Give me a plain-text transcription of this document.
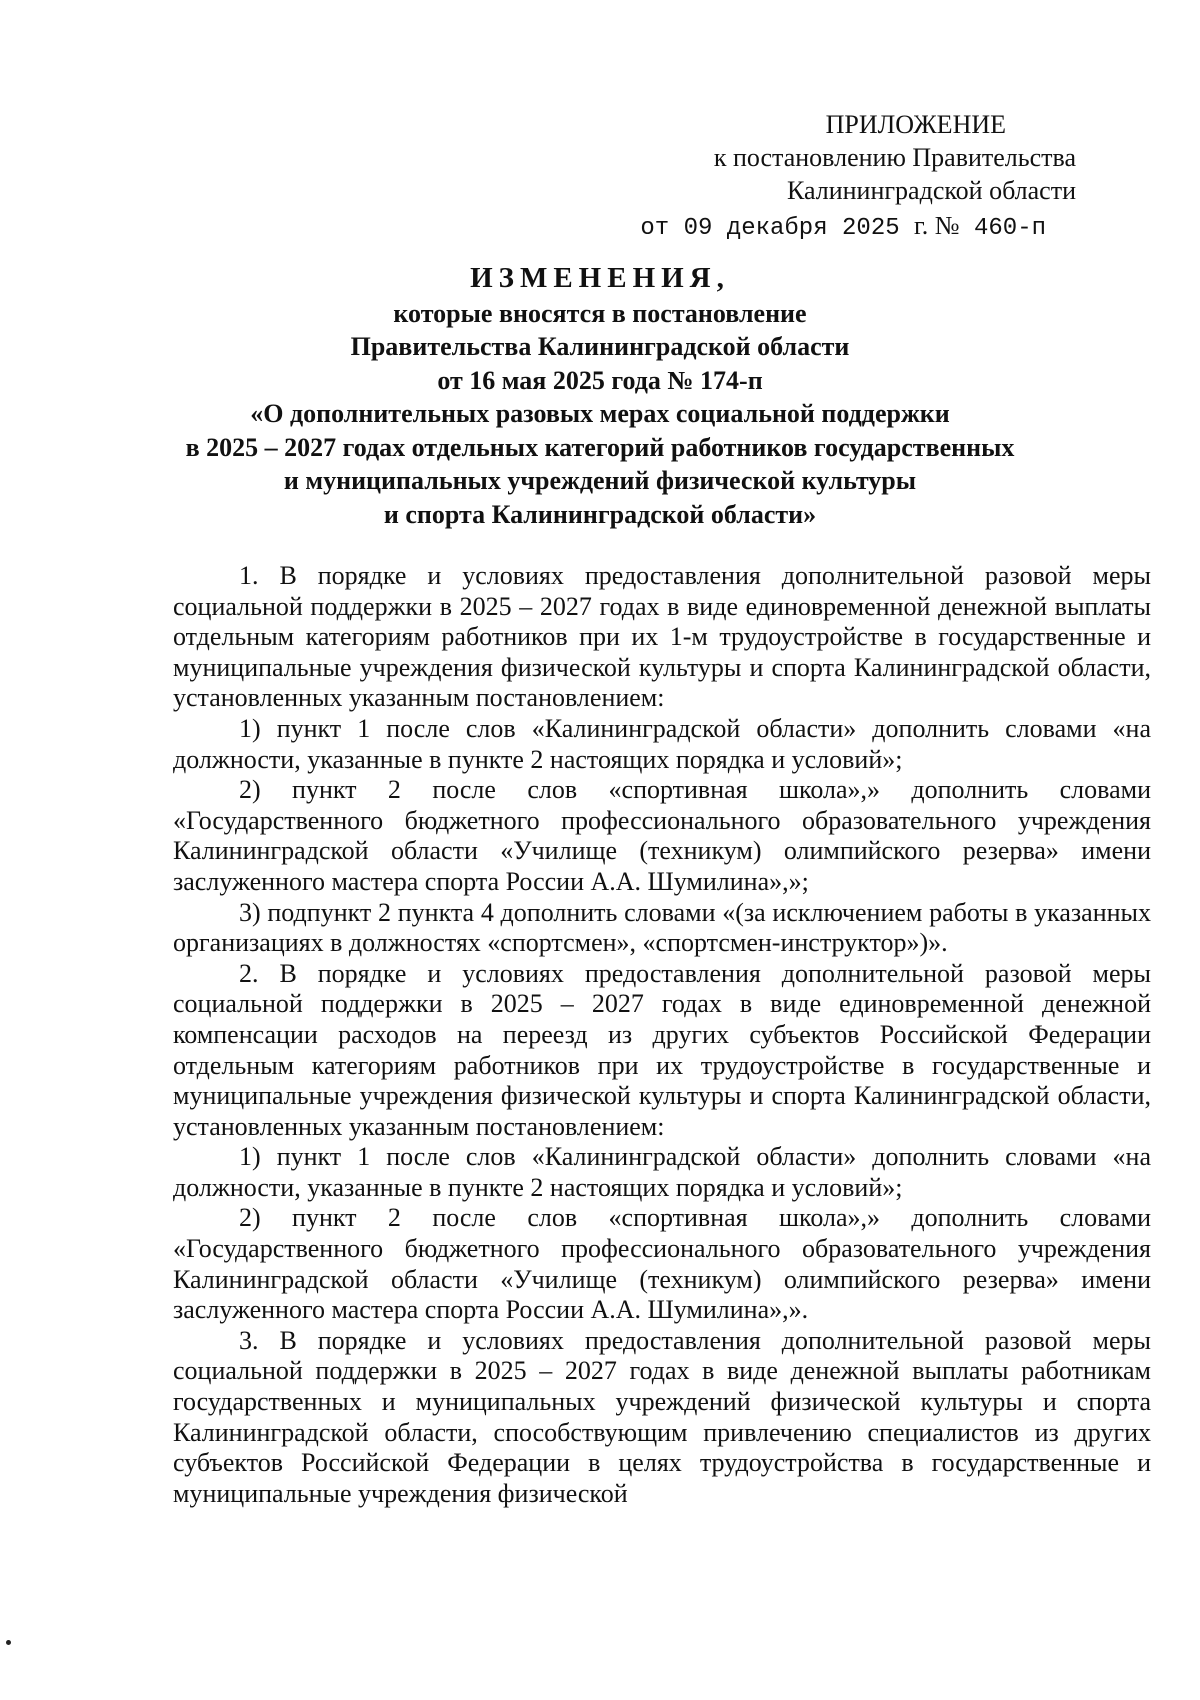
ПРИЛОЖЕНИЕ
к постановлению Правительства
Калининградской области
от 09 декабря 2025 г. № 460-п
ИЗМЕНЕНИЯ,
которые вносятся в постановление
Правительства Калининградской области
от 16 мая 2025 года № 174-п
«О дополнительных разовых мерах социальной поддержки
в 2025 – 2027 годах отдельных категорий работников государственных
и муниципальных учреждений физической культуры
и спорта Калининградской области»

1. В порядке и условиях предоставления дополнительной разовой меры социальной поддержки в 2025 – 2027 годах в виде единовременной денежной выплаты отдельным категориям работников при их 1-м трудоустройстве в государственные и муниципальные учреждения физической культуры и спорта Калининградской области, установленных указанным постановлением:

1) пункт 1 после слов «Калининградской области» дополнить словами «на должности, указанные в пункте 2 настоящих порядка и условий»;

2) пункт 2 после слов «спортивная школа»,» дополнить словами «Государственного бюджетного профессионального образовательного учреждения Калининградской области «Училище (техникум) олимпийского резерва» имени заслуженного мастера спорта России А.А. Шумилина»,»;

3) подпункт 2 пункта 4 дополнить словами «(за исключением работы в указанных организациях в должностях «спортсмен», «спортсмен-инструктор»)».

2. В порядке и условиях предоставления дополнительной разовой меры социальной поддержки в 2025 – 2027 годах в виде единовременной денежной компенсации расходов на переезд из других субъектов Российской Федерации отдельным категориям работников при их трудоустройстве в государственные и муниципальные учреждения физической культуры и спорта Калининградской области, установленных указанным постановлением:

1) пункт 1 после слов «Калининградской области» дополнить словами «на должности, указанные в пункте 2 настоящих порядка и условий»;

2) пункт 2 после слов «спортивная школа»,» дополнить словами «Государственного бюджетного профессионального образовательного учреждения Калининградской области «Училище (техникум) олимпийского резерва» имени заслуженного мастера спорта России А.А. Шумилина»,».

3. В порядке и условиях предоставления дополнительной разовой меры социальной поддержки в 2025 – 2027 годах в виде денежной выплаты работникам государственных и муниципальных учреждений физической культуры и спорта Калининградской области, способствующим привлечению специалистов из других субъектов Российской Федерации в целях трудоустройства в государственные и муниципальные учреждения физической
